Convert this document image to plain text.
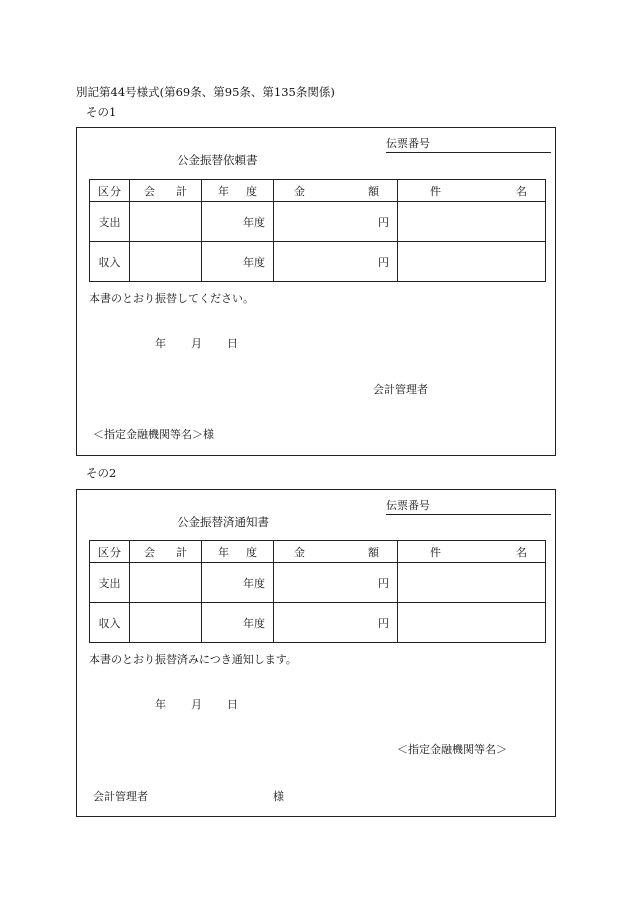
別記第44号様式(第69条、第95条、第135条関係)
その1
伝票番号
公金振替依頼書
区 分	会 計	年 度	金 額	件 名

支出		年度	円	
収入		年度	円	
本書のとおり振替してください。
年 月 日
会計管理者
＜指定金融機関等名＞様
その2
伝票番号
公金振替済通知書
区 分	会 計	年 度	金 額	件 名

支出		年度	円	
収入		年度	円	
本書のとおり振替済みにつき通知します。
年 月 日
＜指定金融機関等名＞
会計管理者	様
